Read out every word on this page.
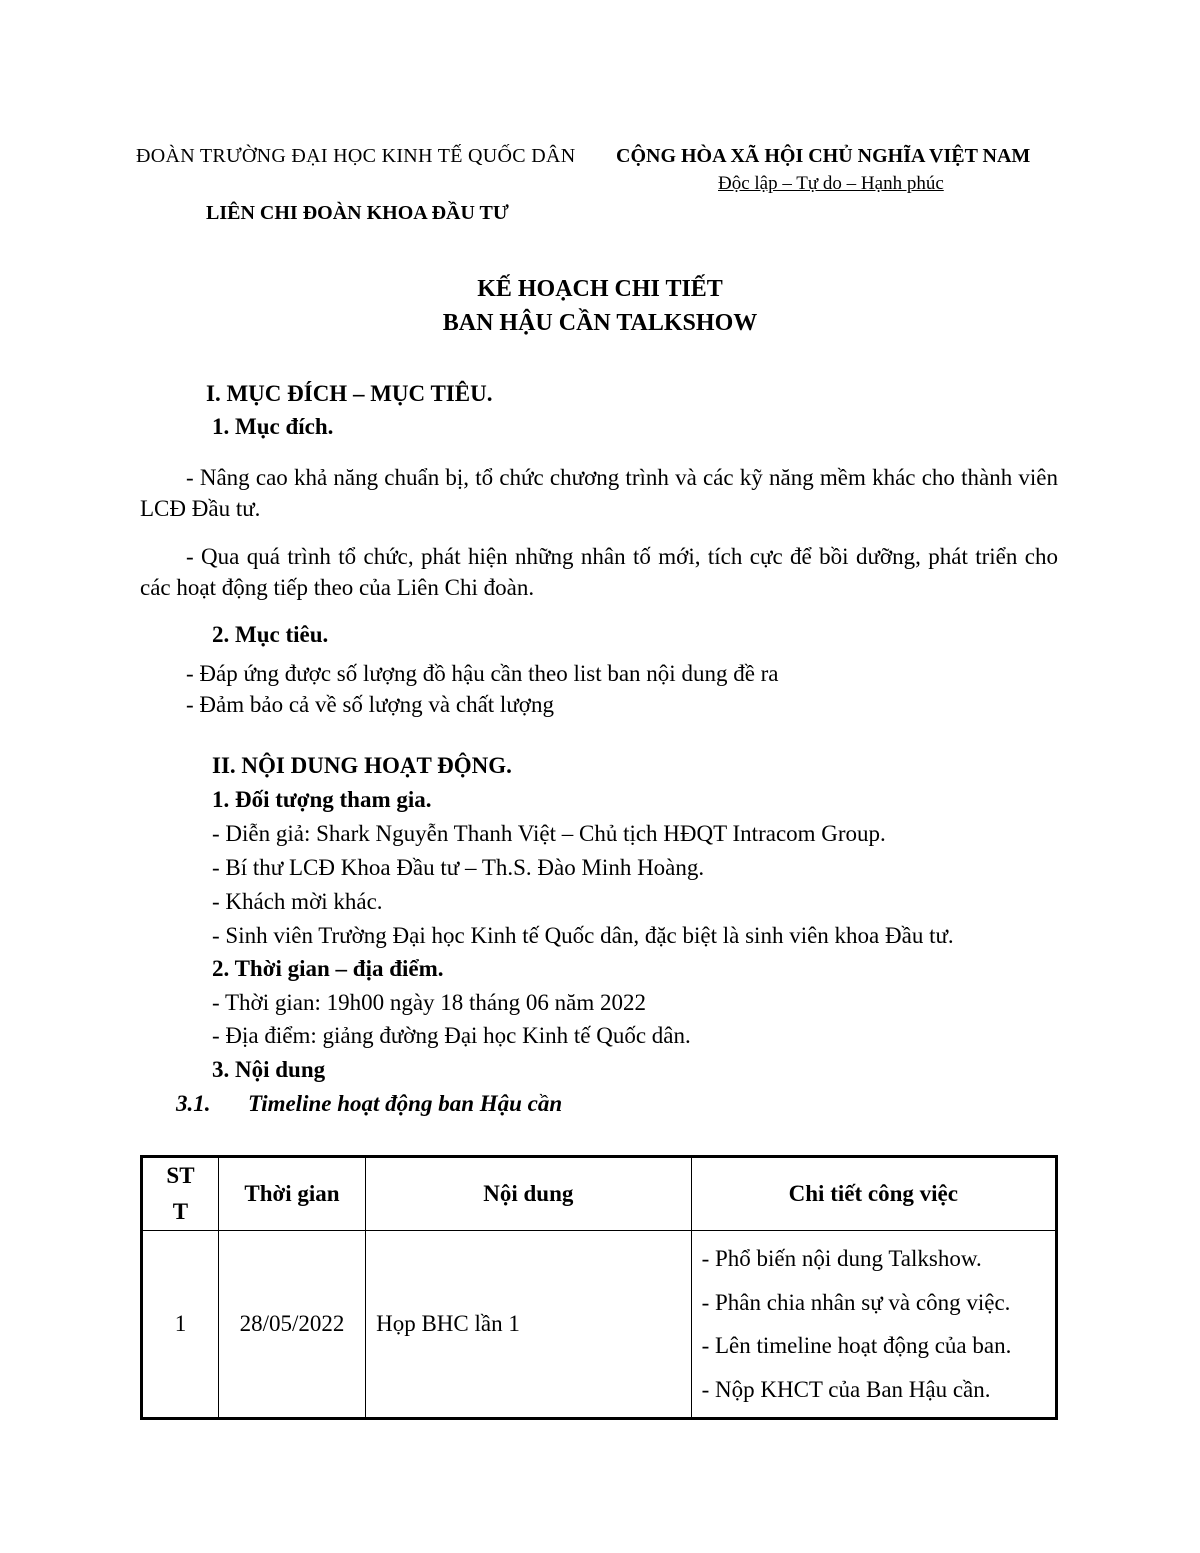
ĐOÀN TRƯỜNG ĐẠI HỌC KINH TẾ QUỐC DÂN	CỘNG HÒA XÃ HỘI CHỦ NGHĨA VIỆT NAM
Độc lập – Tự do – Hạnh phúc
LIÊN CHI ĐOÀN KHOA ĐẦU TƯ
KẾ HOẠCH CHI TIẾT
BAN HẬU CẦN TALKSHOW
I. MỤC ĐÍCH – MỤC TIÊU.
1. Mục đích.
- Nâng cao khả năng chuẩn bị, tổ chức chương trình và các kỹ năng mềm khác cho thành viên LCĐ Đầu tư.
- Qua quá trình tổ chức, phát hiện những nhân tố mới, tích cực để bồi dưỡng, phát triển cho các hoạt động tiếp theo của Liên Chi đoàn.
2. Mục tiêu.
- Đáp ứng được số lượng đồ hậu cần theo list ban nội dung đề ra
- Đảm bảo cả về số lượng và chất lượng
II. NỘI DUNG HOẠT ĐỘNG.
1. Đối tượng tham gia.
- Diễn giả: Shark Nguyễn Thanh Việt – Chủ tịch HĐQT Intracom Group.
- Bí thư LCĐ Khoa Đầu tư – Th.S. Đào Minh Hoàng.
- Khách mời khác.
- Sinh viên Trường Đại học Kinh tế Quốc dân, đặc biệt là sinh viên khoa Đầu tư.
2. Thời gian – địa điểm.
- Thời gian: 19h00 ngày 18 tháng 06 năm 2022
- Địa điểm: giảng đường Đại học Kinh tế Quốc dân.
3. Nội dung
3.1. Timeline hoạt động ban Hậu cần
ST
T	Thời gian	Nội dung	Chi tiết công việc
1	28/05/2022	Họp BHC lần 1	- Phổ biến nội dung Talkshow.
- Phân chia nhân sự và công việc.
- Lên timeline hoạt động của ban.
- Nộp KHCT của Ban Hậu cần.
